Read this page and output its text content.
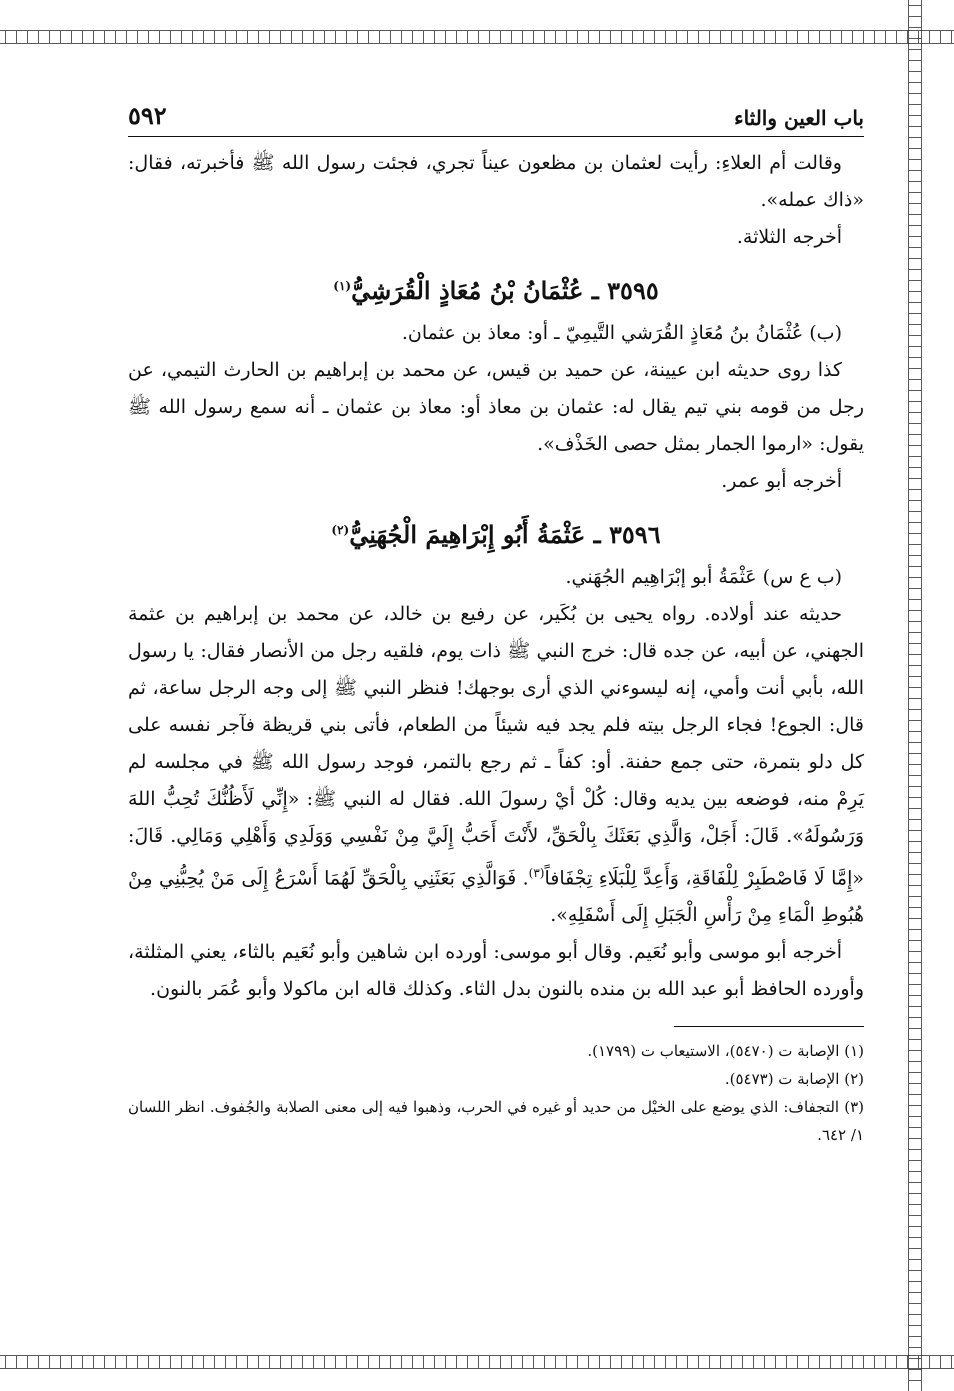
باب العين والثاء
٥٩٢

وقالت أم العلاءِ: رأيت لعثمان بن مظعون عيناً تجري، فجئت رسول الله ﷺ فأخبرته، فقال: «ذاك عمله».

أخرجه الثلاثة.

٣٥٩٥ ـ عُثْمَانُ بْنُ مُعَاذٍ الْقُرَشِيُّ$^{(١)}$

(ب) عُثْمَانُ بنُ مُعَاذٍ القُرَشي التَّيمِيّ ـ أو: معاذ بن عثمان.

كذا روى حديثه ابن عيينة، عن حميد بن قيس، عن محمد بن إبراهيم بن الحارث التيمي، عن رجل من قومه بني تيم يقال له: عثمان بن معاذ أو: معاذ بن عثمان ـ أنه سمع رسول الله ﷺ يقول: «ارموا الجمار بمثل حصى الخَذْف».

أخرجه أبو عمر.

٣٥٩٦ ـ عَثْمَةُ أَبُو إِبْرَاهِيمَ الْجُهَنِيُّ$^{(٢)}$

(ب ع س) عَثْمَةُ أبو إبْرَاهِيم الجُهَني.

حديثه عند أولاده. رواه يحيى بن بُكَير، عن رفيع بن خالد، عن محمد بن إبراهيم بن عثمة الجهني، عن أبيه، عن جده قال: خرج النبي ﷺ ذات يوم، فلقيه رجل من الأنصار فقال: يا رسول الله، بأبي أنت وأمي، إنه ليسوءني الذي أرى بوجهك! فنظر النبي ﷺ إلى وجه الرجل ساعة، ثم قال: الجوع! فجاء الرجل بيته فلم يجد فيه شيئاً من الطعام، فأتى بني قريظة فآجر نفسه على كل دلو بتمرة، حتى جمع حفنة. أو: كفاً ـ ثم رجع بالتمر، فوجد رسول الله ﷺ في مجلسه لم يَرِمْ منه، فوضعه بين يديه وقال: كُلْ أيْ رسولَ الله. فقال له النبي ﷺ: «إِنِّي لَأَظُنُّكَ تُحِبُّ اللهَ وَرَسُولَهُ». قَالَ: أَجَلْ، وَالَّذِي بَعَثَكَ بِالْحَقِّ، لأَنْتَ أَحَبُّ إِلَيَّ مِنْ نَفْسِي وَوَلَدِي وَأَهْلِي وَمَالِي. قَالَ: «إِمَّا لَا فَاصْطَبِرْ لِلْفَاقَةِ، وَأَعِدَّ لِلْبَلَاءِ تِجْفَافاً$^{(٣)}$. فَوَالَّذِي بَعَثَنِي بِالْحَقِّ لَهُمَا أَسْرَعُ إِلَى مَنْ يُحِبُّنِي مِنْ هُبُوطِ الْمَاءِ مِنْ رَأْسِ الْجَبَلِ إِلَى أَسْفَلِهِ».

أخرجه أبو موسى وأبو نُعَيم. وقال أبو موسى: أورده ابن شاهين وأبو نُعَيم بالثاء، يعني المثلثة، وأورده الحافظ أبو عبد الله بن منده بالنون بدل الثاء. وكذلك قاله ابن ماكولا وأبو عُمَر بالنون.

(١) الإصابة ت (٥٤٧٠)، الاستيعاب ت (١٧٩٩).

(٢) الإصابة ت (٥٤٧٣).

(٣) التجفاف: الذي يوضع على الخيْل من حديد أو غيره في الحرب، وذهبوا فيه إلى معنى الصلابة والجُفوف. انظر اللسان ١/ ٦٤٢.
